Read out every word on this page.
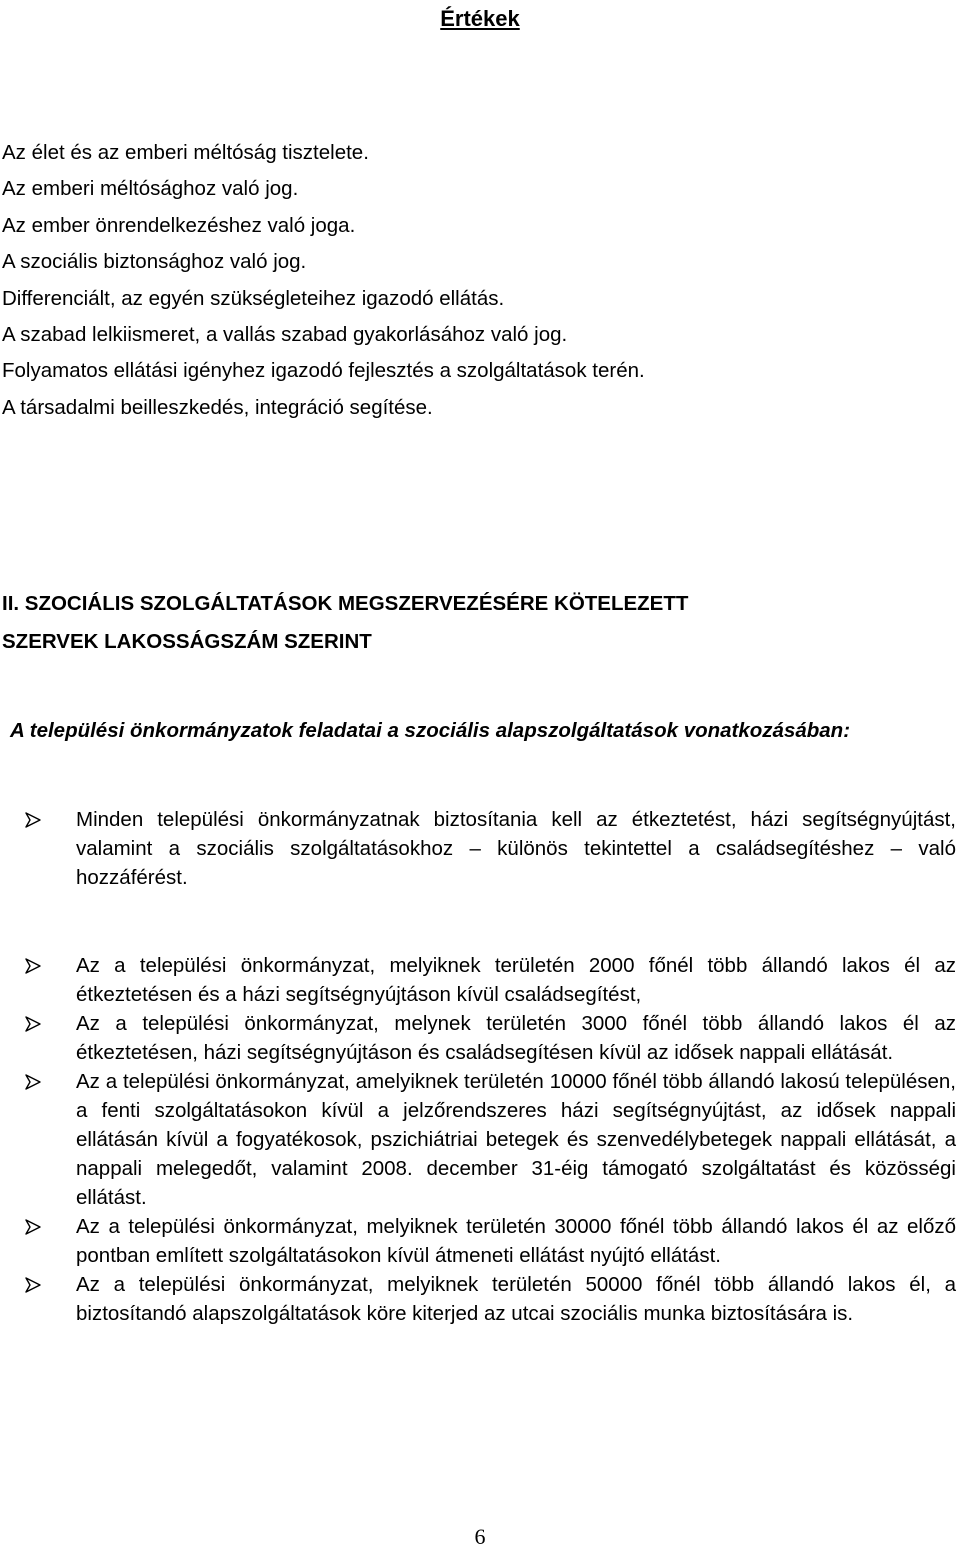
Értékek
Az élet és az emberi méltóság tisztelete.
Az emberi méltósághoz való jog.
Az ember önrendelkezéshez való joga.
A szociális biztonsághoz való jog.
Differenciált, az egyén szükségleteihez igazodó ellátás.
A szabad lelkiismeret, a vallás szabad gyakorlásához való jog.
Folyamatos ellátási igényhez igazodó fejlesztés a szolgáltatások terén.
A társadalmi beilleszkedés, integráció segítése.
II. SZOCIÁLIS SZOLGÁLTATÁSOK MEGSZERVEZÉSÉRE KÖTELEZETT
SZERVEK LAKOSSÁGSZÁM SZERINT
A települési önkormányzatok feladatai a szociális alapszolgáltatások vonatkozásában:
Minden települési önkormányzatnak biztosítania kell az étkeztetést, házi segítségnyújtást, valamint a szociális szolgáltatásokhoz – különös tekintettel a családsegítéshez – való hozzáférést.
Az a települési önkormányzat, melyiknek területén 2000 főnél több állandó lakos él az étkeztetésen és a házi segítségnyújtáson kívül családsegítést,
Az a települési önkormányzat, melynek területén 3000 főnél több állandó lakos él az étkeztetésen, házi segítségnyújtáson és családsegítésen kívül az idősek nappali ellátását.
Az a települési önkormányzat, amelyiknek területén 10000 főnél több állandó lakosú településen, a fenti szolgáltatásokon kívül a jelzőrendszeres házi segítségnyújtást, az idősek nappali ellátásán kívül a fogyatékosok, pszichiátriai betegek és szenvedélybetegek nappali ellátását, a nappali melegedőt, valamint 2008. december 31-éig támogató szolgáltatást és közösségi ellátást.
Az a települési önkormányzat, melyiknek területén 30000 főnél több állandó lakos él az előző pontban említett szolgáltatásokon kívül átmeneti ellátást nyújtó ellátást.
Az a települési önkormányzat, melyiknek területén 50000 főnél több állandó lakos él, a biztosítandó alapszolgáltatások köre kiterjed az utcai szociális munka biztosítására is.
6
